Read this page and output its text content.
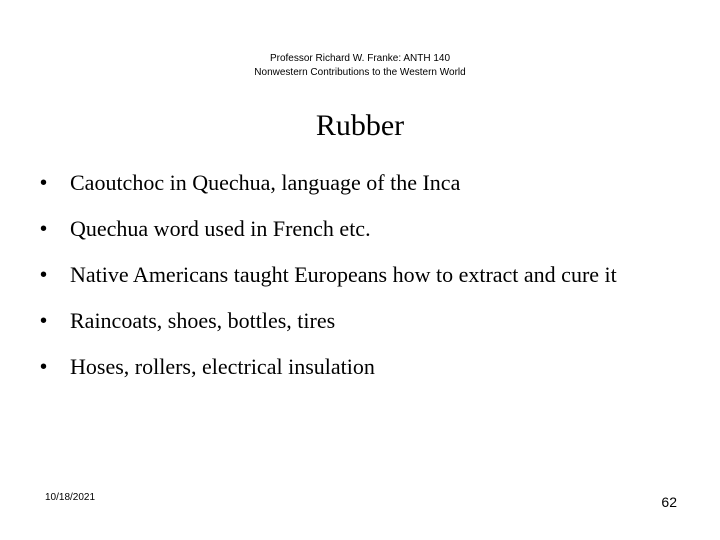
Professor Richard W. Franke: ANTH 140
Nonwestern Contributions to the Western World
Rubber
•	Caoutchoc in Quechua, language of the Inca
•	Quechua word used in French etc.
•	Native Americans taught Europeans how to extract and cure it
•	Raincoats, shoes, bottles, tires
•	Hoses, rollers, electrical insulation
10/18/2021	62
